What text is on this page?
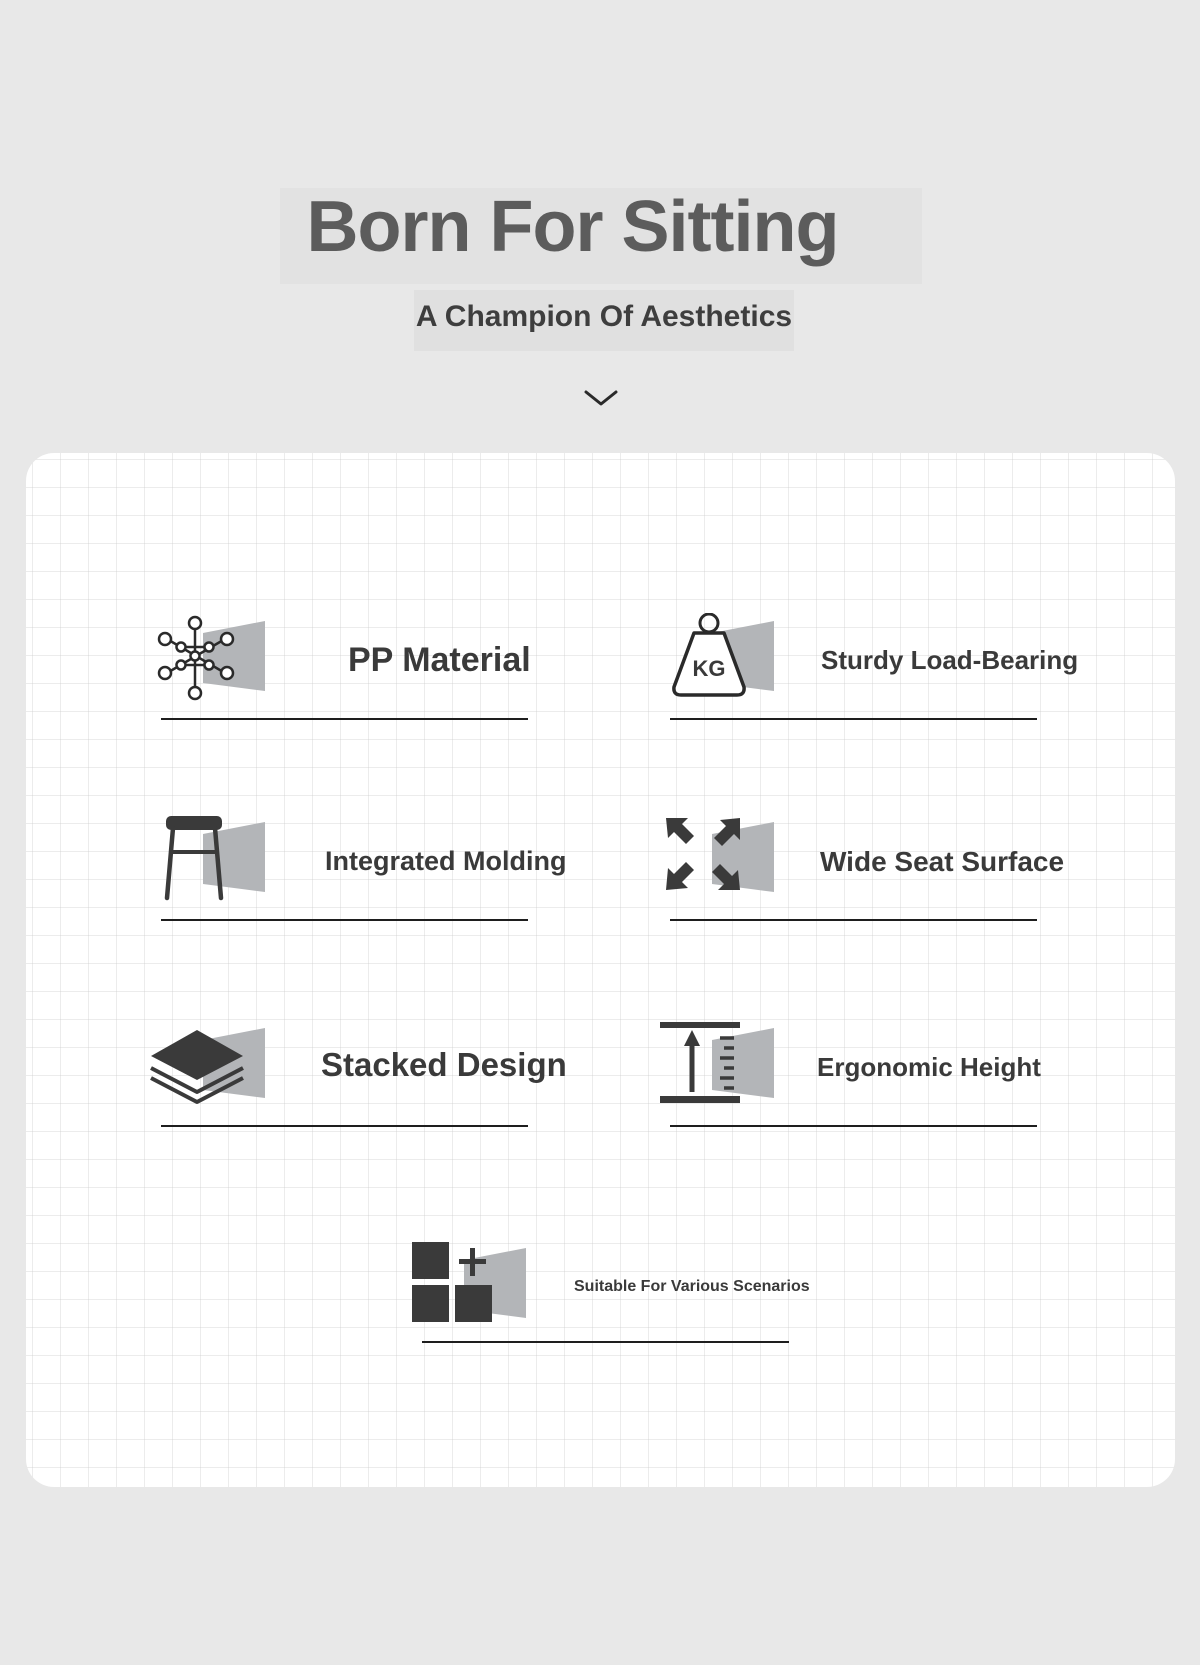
Born For Sitting
A Champion Of Aesthetics
PP Material	KG	Sturdy Load-Bearing
Integrated Molding	Wide Seat Surface
Stacked Design	Ergonomic Height
Suitable For Various Scenarios
